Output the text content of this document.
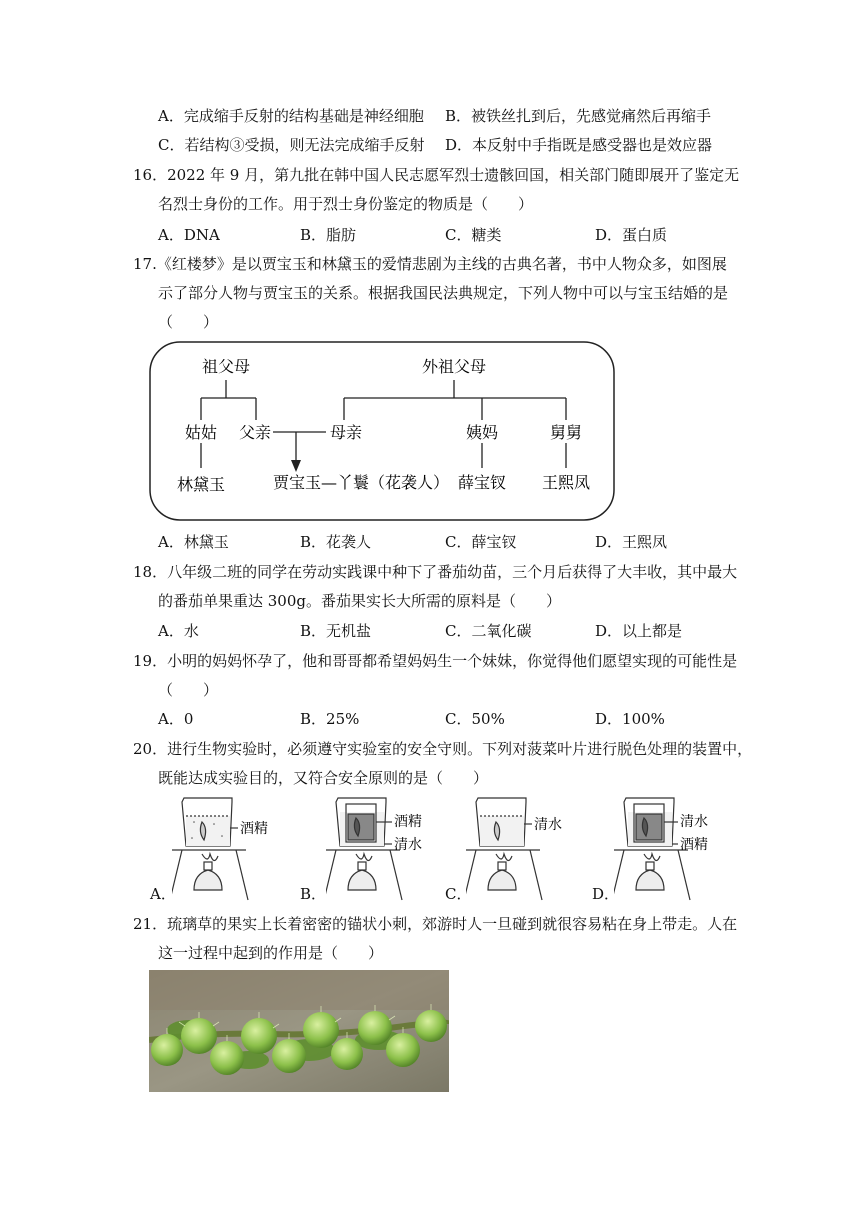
A．完成缩手反射的结构基础是神经细胞 B．被铁丝扎到后，先感觉痛然后再缩手
C．若结构③受损，则无法完成缩手反射 D．本反射中手指既是感受器也是效应器
16．2022 年 9 月，第九批在韩中国人民志愿军烈士遗骸回国，相关部门随即展开了鉴定无
名烈士身份的工作。用于烈士身份鉴定的物质是（　　）
A．DNA	B．脂肪	C．糖类	D．蛋白质
17.《红楼梦》是以贾宝玉和林黛玉的爱情悲剧为主线的古典名著，书中人物众多，如图展
示了部分人物与贾宝玉的关系。根据我国民法典规定，下列人物中可以与宝玉结婚的是
（　　）
祖父母	外祖父母
姑姑 父亲	母亲	姨妈	舅舅
林黛玉	贾宝玉—丫鬟（花袭人） 薛宝钗 王熙凤
A．林黛玉	B．花袭人	C．薛宝钗	D．王熙凤
18．八年级二班的同学在劳动实践课中种下了番茄幼苗，三个月后获得了大丰收，其中最大
的番茄单果重达 300g。番茄果实长大所需的原料是（　　）
A．水	B．无机盐	C．二氧化碳	D．以上都是
19．小明的妈妈怀孕了，他和哥哥都希望妈妈生一个妹妹，你觉得他们愿望实现的可能性是
（　　）
A．0	B．25%	C．50%	D．100%
20．进行生物实验时，必须遵守实验室的安全守则。下列对菠菜叶片进行脱色处理的装置中，
既能达成实验目的，又符合安全原则的是（　　）
A．
酒精
B．
酒精
清水
C．
清水
D．
清水
酒精
21．琉璃草的果实上长着密密的锚状小刺，郊游时人一旦碰到就很容易粘在身上带走。人在
这一过程中起到的作用是（　　）
